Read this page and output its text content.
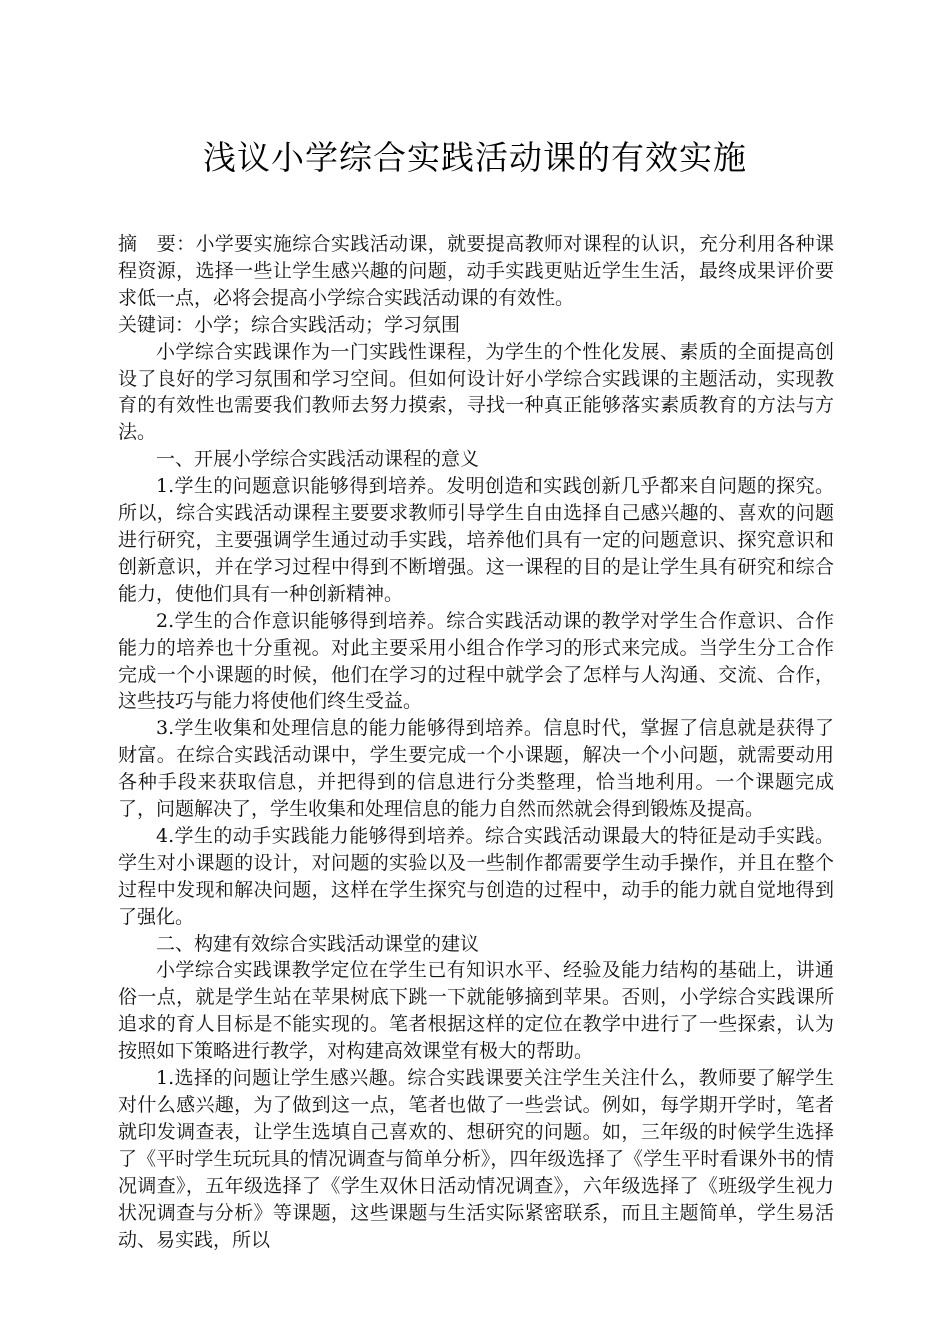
浅议小学综合实践活动课的有效实施

摘　要：小学要实施综合实践活动课，就要提高教师对课程的认识，充分利用各种课程资源，选择一些让学生感兴趣的问题，动手实践更贴近学生生活，最终成果评价要求低一点，必将会提高小学综合实践活动课的有效性。

关键词：小学；综合实践活动；学习氛围

小学综合实践课作为一门实践性课程，为学生的个性化发展、素质的全面提高创设了良好的学习氛围和学习空间。但如何设计好小学综合实践课的主题活动，实现教育的有效性也需要我们教师去努力摸索，寻找一种真正能够落实素质教育的方法与方法。

一、开展小学综合实践活动课程的意义

1.学生的问题意识能够得到培养。发明创造和实践创新几乎都来自问题的探究。所以，综合实践活动课程主要要求教师引导学生自由选择自己感兴趣的、喜欢的问题进行研究，主要强调学生通过动手实践，培养他们具有一定的问题意识、探究意识和创新意识，并在学习过程中得到不断增强。这一课程的目的是让学生具有研究和综合能力，使他们具有一种创新精神。

2.学生的合作意识能够得到培养。综合实践活动课的教学对学生合作意识、合作能力的培养也十分重视。对此主要采用小组合作学习的形式来完成。当学生分工合作完成一个小课题的时候，他们在学习的过程中就学会了怎样与人沟通、交流、合作，这些技巧与能力将使他们终生受益。

3.学生收集和处理信息的能力能够得到培养。信息时代，掌握了信息就是获得了财富。在综合实践活动课中，学生要完成一个小课题，解决一个小问题，就需要动用各种手段来获取信息，并把得到的信息进行分类整理，恰当地利用。一个课题完成了，问题解决了，学生收集和处理信息的能力自然而然就会得到锻炼及提高。

4.学生的动手实践能力能够得到培养。综合实践活动课最大的特征是动手实践。学生对小课题的设计，对问题的实验以及一些制作都需要学生动手操作，并且在整个过程中发现和解决问题，这样在学生探究与创造的过程中，动手的能力就自觉地得到了强化。

二、构建有效综合实践活动课堂的建议

小学综合实践课教学定位在学生已有知识水平、经验及能力结构的基础上，讲通俗一点，就是学生站在苹果树底下跳一下就能够摘到苹果。否则，小学综合实践课所追求的育人目标是不能实现的。笔者根据这样的定位在教学中进行了一些探索，认为按照如下策略进行教学，对构建高效课堂有极大的帮助。

1.选择的问题让学生感兴趣。综合实践课要关注学生关注什么，教师要了解学生对什么感兴趣，为了做到这一点，笔者也做了一些尝试。例如，每学期开学时，笔者就印发调查表，让学生选填自己喜欢的、想研究的问题。如，三年级的时候学生选择了《平时学生玩玩具的情况调查与简单分析》，四年级选择了《学生平时看课外书的情况调查》，五年级选择了《学生双休日活动情况调查》，六年级选择了《班级学生视力状况调查与分析》等课题，这些课题与生活实际紧密联系，而且主题简单，学生易活动、易实践，所以
